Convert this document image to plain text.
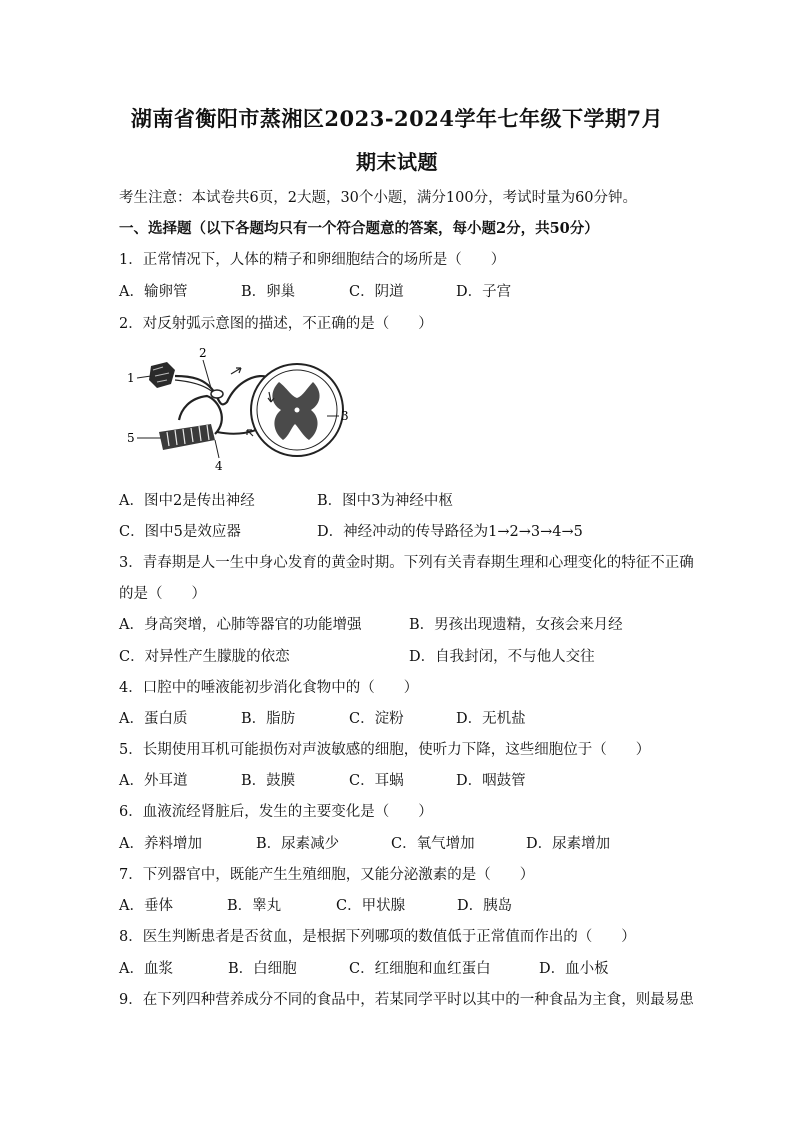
湖南省衡阳市蒸湘区2023-2024学年七年级下学期7月
期末试题
考生注意：本试卷共6页，2大题，30个小题，满分100分，考试时量为60分钟。
一、选择题（以下各题均只有一个符合题意的答案，每小题2分，共50分）
1．正常情况下，人体的精子和卵细胞结合的场所是（　　）
A．输卵管	B．卵巢	C．阴道	D．子宫
2．对反射弧示意图的描述，不正确的是（　　）
1
2
3
4
5
A．图中2是传出神经	B．图中3为神经中枢
C．图中5是效应器	D．神经冲动的传导路径为1→2→3→4→5
3．青春期是人一生中身心发育的黄金时期。下列有关青春期生理和心理变化的特征不正确
的是（　　）
A．身高突增，心肺等器官的功能增强	B．男孩出现遗精，女孩会来月经
C．对异性产生朦胧的依恋	D．自我封闭，不与他人交往
4．口腔中的唾液能初步消化食物中的（　　）
A．蛋白质	B．脂肪	C．淀粉	D．无机盐
5．长期使用耳机可能损伤对声波敏感的细胞，使听力下降，这些细胞位于（　　）
A．外耳道	B．鼓膜	C．耳蜗	D．咽鼓管
6．血液流经肾脏后，发生的主要变化是（　　）
A．养料增加	B．尿素减少	C．氧气增加	D．尿素增加
7．下列器官中，既能产生生殖细胞，又能分泌激素的是（　　）
A．垂体	B．睾丸	C．甲状腺	D．胰岛
8．医生判断患者是否贫血，是根据下列哪项的数值低于正常值而作出的（　　）
A．血浆	B．白细胞	C．红细胞和血红蛋白	D．血小板
9．在下列四种营养成分不同的食品中，若某同学平时以其中的一种食品为主食，则最易患
